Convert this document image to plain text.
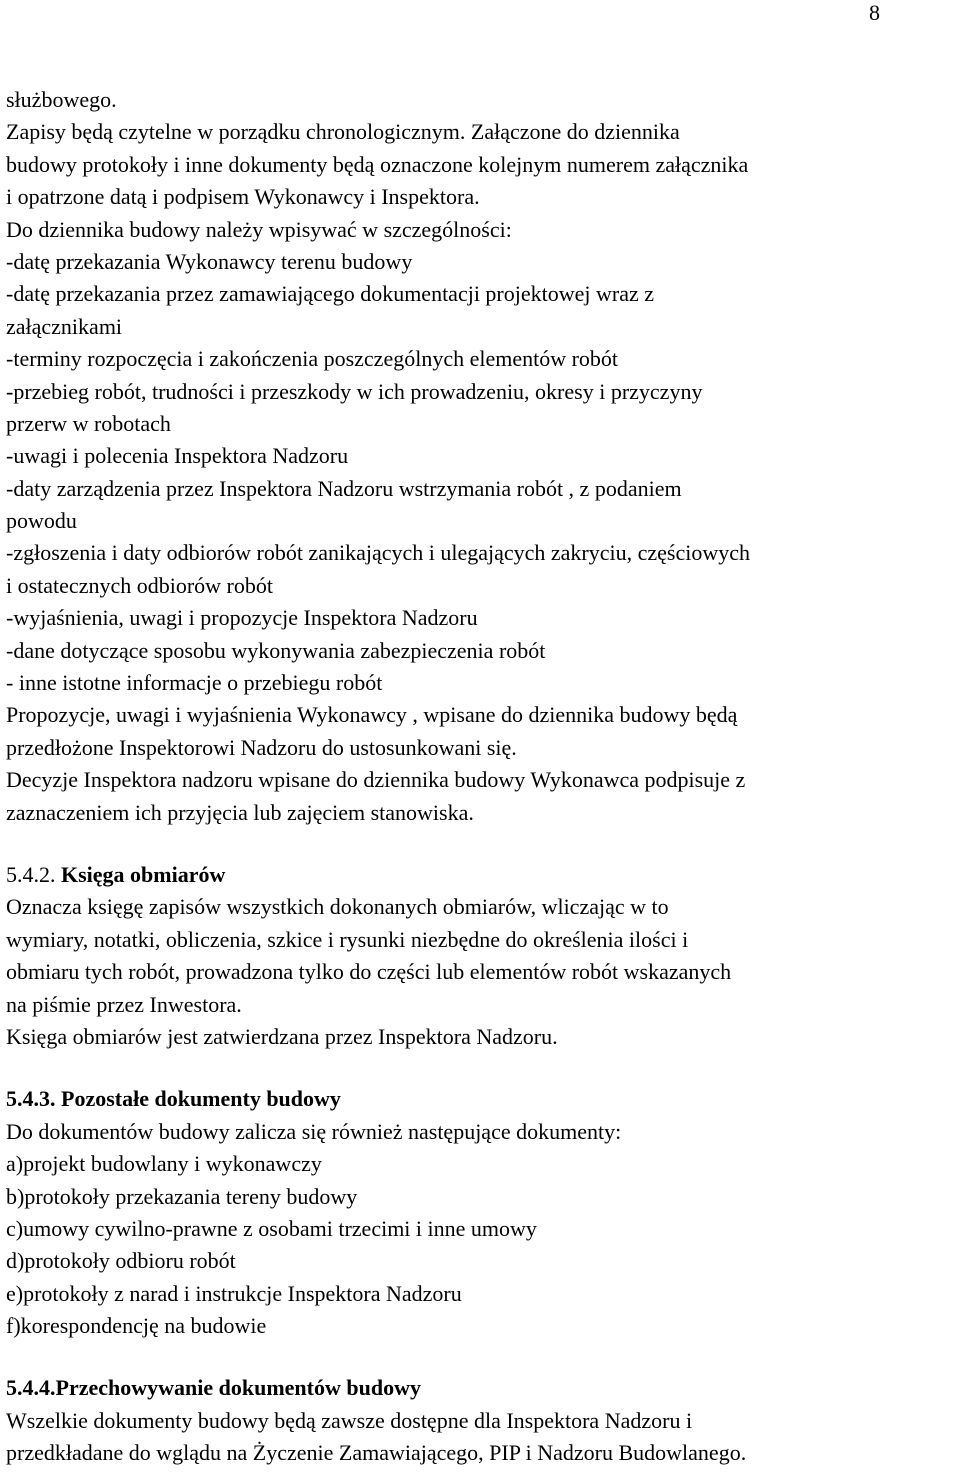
8
służbowego.
Zapisy będą czytelne w porządku chronologicznym. Załączone do dziennika
budowy protokoły i inne dokumenty będą oznaczone kolejnym numerem załącznika
i opatrzone datą i podpisem Wykonawcy i Inspektora.
Do dziennika budowy należy wpisywać w szczególności:
-datę przekazania Wykonawcy terenu budowy
-datę przekazania przez zamawiającego dokumentacji projektowej wraz z
załącznikami
-terminy rozpoczęcia i zakończenia poszczególnych elementów robót
-przebieg robót, trudności i przeszkody w ich prowadzeniu, okresy i przyczyny
przerw w robotach
-uwagi i polecenia Inspektora Nadzoru
-daty zarządzenia przez Inspektora Nadzoru wstrzymania robót , z podaniem
powodu
-zgłoszenia i daty odbiorów robót zanikających i ulegających zakryciu, częściowych
i ostatecznych odbiorów robót
-wyjaśnienia, uwagi i propozycje Inspektora Nadzoru
-dane dotyczące sposobu wykonywania zabezpieczenia robót
- inne istotne informacje o przebiegu robót
Propozycje, uwagi i wyjaśnienia Wykonawcy , wpisane do dziennika budowy będą
przedłożone Inspektorowi Nadzoru do ustosunkowani się.
Decyzje Inspektora nadzoru wpisane do dziennika budowy Wykonawca podpisuje z
zaznaczeniem ich przyjęcia lub zajęciem stanowiska.
5.4.2. Księga obmiarów
Oznacza księgę zapisów wszystkich dokonanych obmiarów, wliczając w to
wymiary, notatki, obliczenia, szkice i rysunki niezbędne do określenia ilości i
obmiaru tych robót, prowadzona tylko do części lub elementów robót wskazanych
na piśmie przez Inwestora.
Księga obmiarów jest zatwierdzana przez Inspektora Nadzoru.
5.4.3. Pozostałe dokumenty budowy
Do dokumentów budowy zalicza się również następujące dokumenty:
a)projekt budowlany i wykonawczy
b)protokoły przekazania tereny budowy
c)umowy cywilno-prawne z osobami trzecimi i inne umowy
d)protokoły odbioru robót
e)protokoły z narad i instrukcje Inspektora Nadzoru
f)korespondencję na budowie
5.4.4.Przechowywanie dokumentów budowy
Wszelkie dokumenty budowy będą zawsze dostępne dla Inspektora Nadzoru i
przedkładane do wglądu na Życzenie Zamawiającego, PIP i Nadzoru Budowlanego.
